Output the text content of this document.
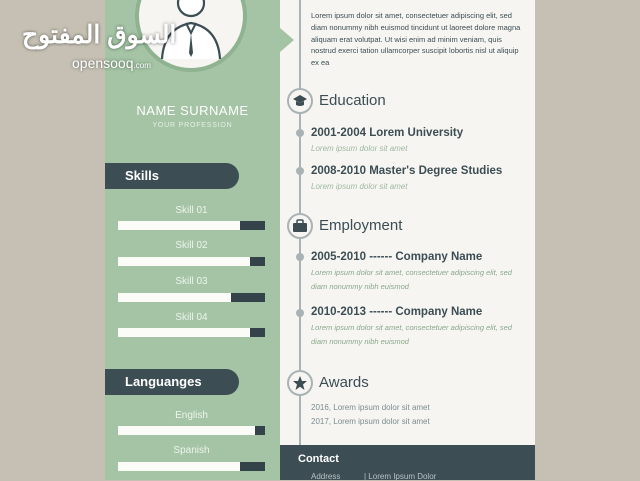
NAME SURNAME
YOUR PROFESSION
Skills
Skill 01
Skill 02
Skill 03
Skill 04
Languanges
English
Spanish
Lorem ipsum dolor sit amet, consectetuer adipiscing elit, sed diam nonummy nibh euismod tincidunt ut laoreet dolore magna aliquam erat volutpat. Ut wisi enim ad minim veniam, quis nostrud exerci tation ullamcorper suscipit lobortis nisl ut aliquip ex ea
Education
2001-2004 Lorem University
Lorem ipsum dolor sit amet
2008-2010 Master's Degree Studies
Lorem ipsum dolor sit amet
Employment
2005-2010 ------ Company Name
Lorem ipsum dolor sit amet, consectetuer adipiscing elit, sed diam nonummy nibh euismod
2010-2013 ------ Company Name
Lorem ipsum dolor sit amet, consectetuer adipiscing elit, sed diam nonummy nibh euismod
Awards
2016, Lorem ipsum dolor sit amet
2017, Lorem ipsum dolor sit amet
Contact
Address	| Lorem Ipsum Dolor
السوق المفتوح
opensooq.com
